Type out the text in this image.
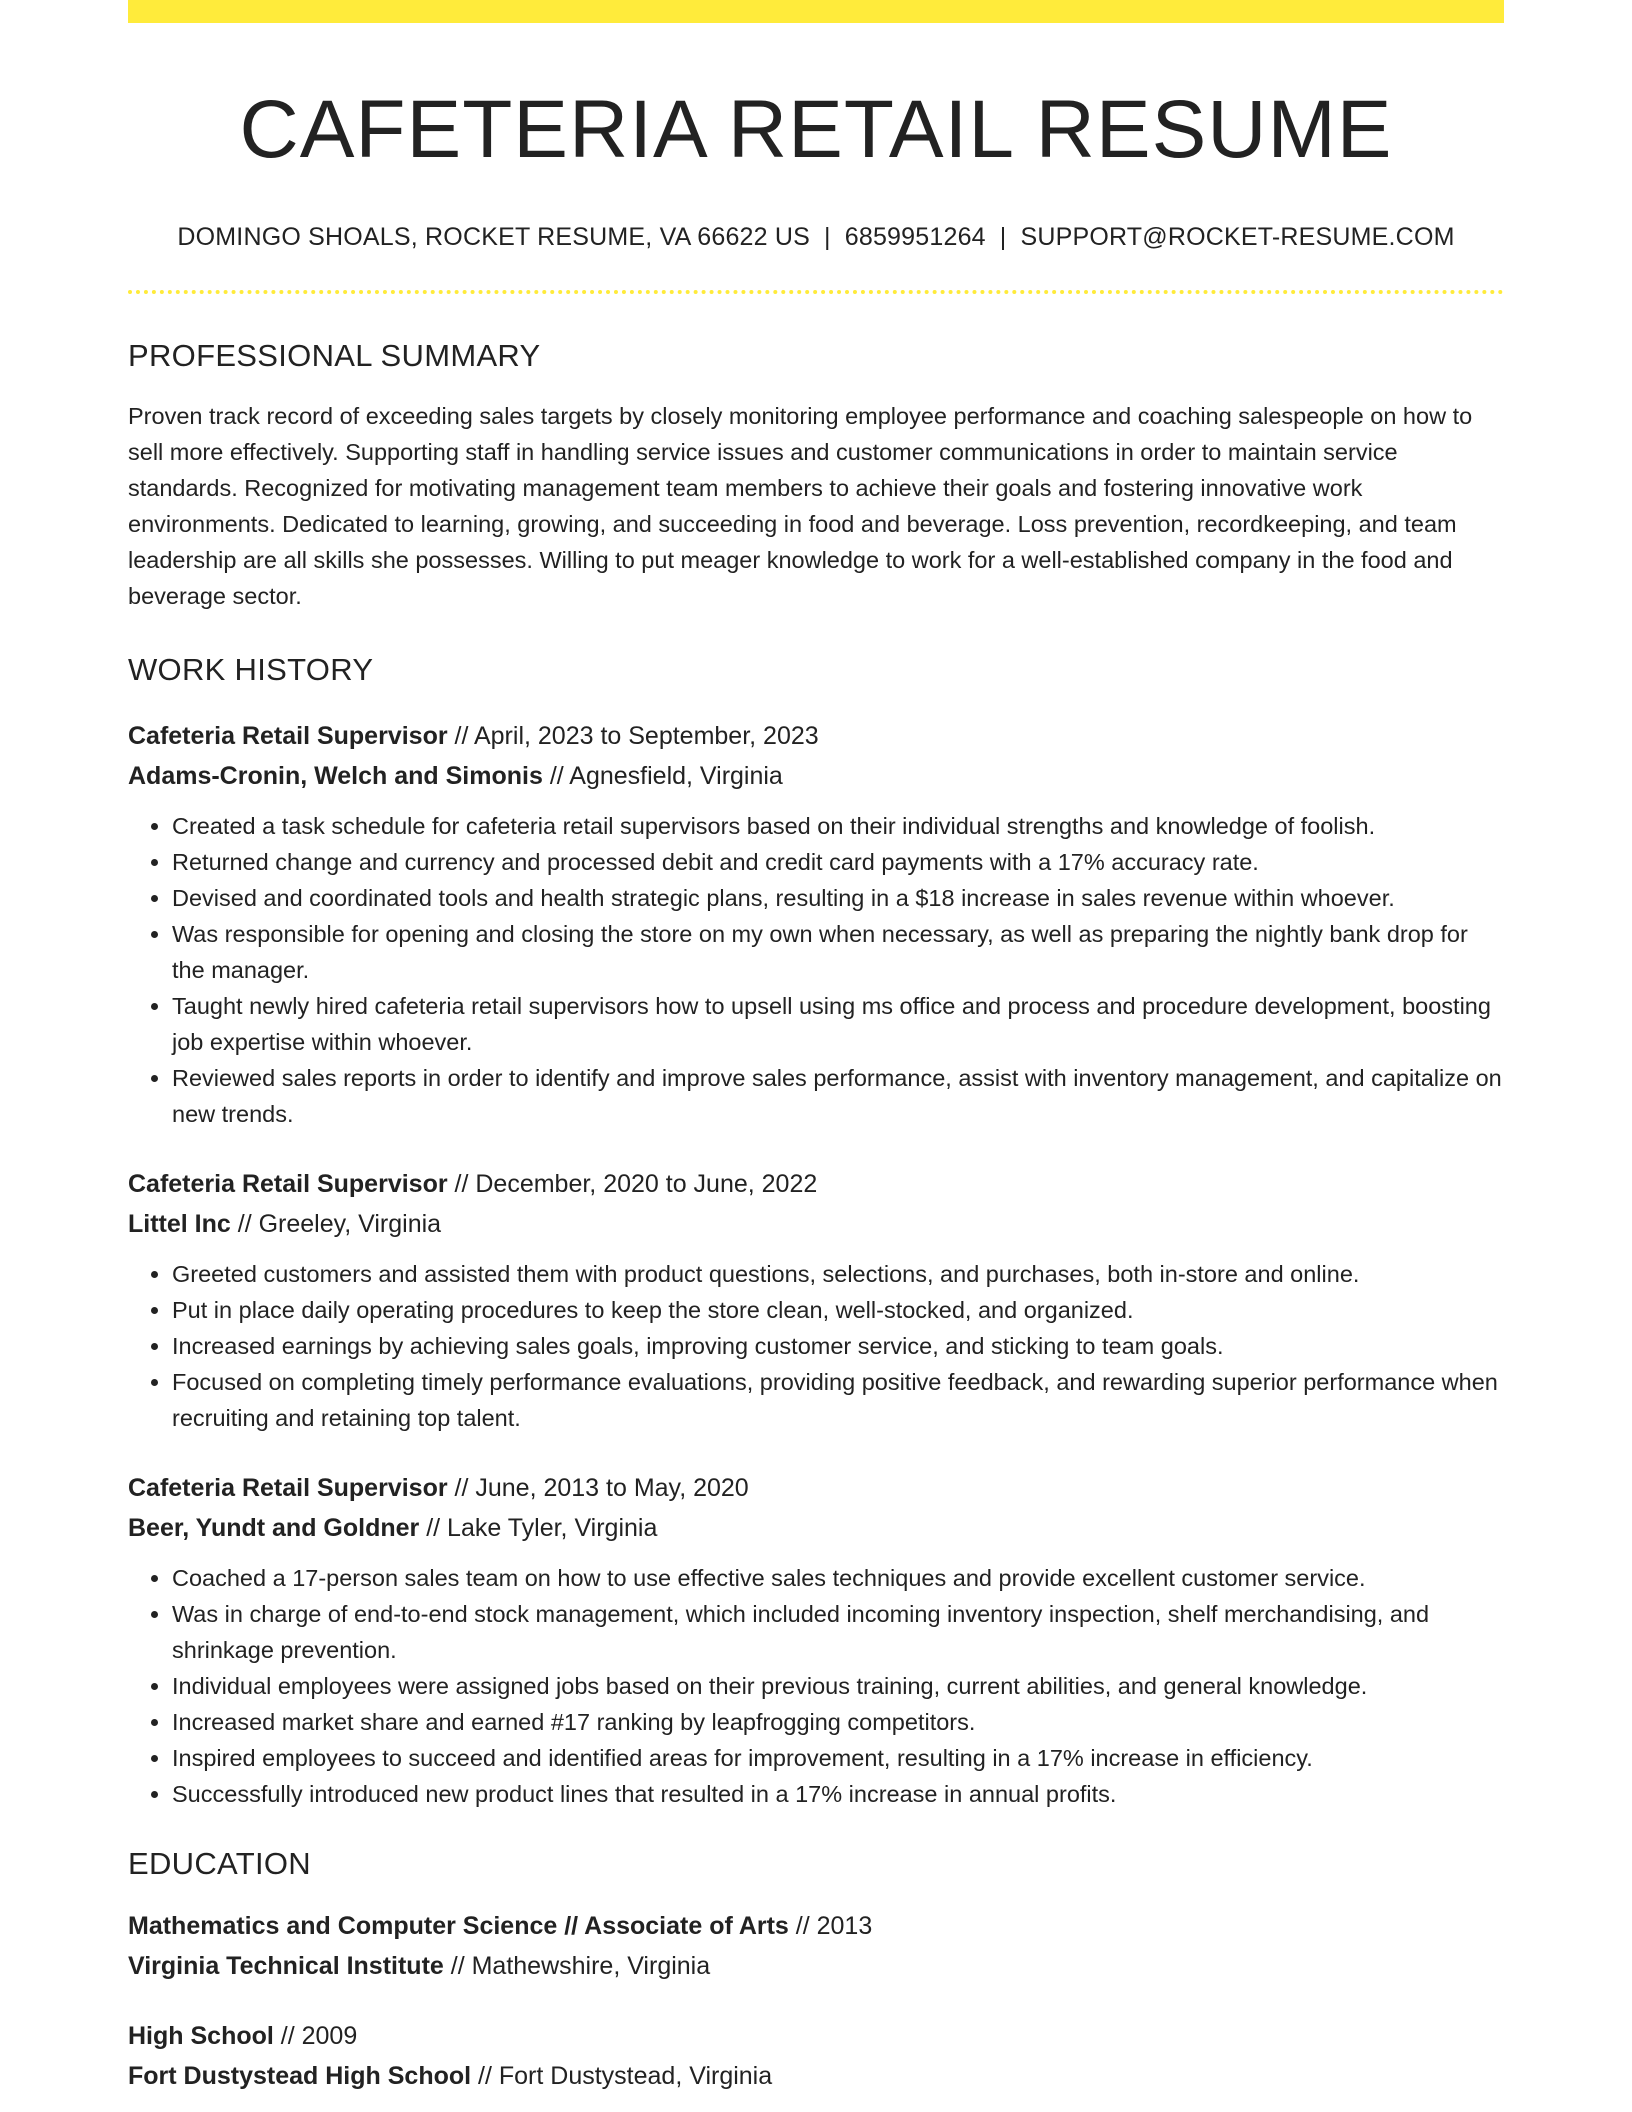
CAFETERIA RETAIL RESUME
DOMINGO SHOALS, ROCKET RESUME, VA 66622 US | 6859951264 | SUPPORT@ROCKET-RESUME.COM
PROFESSIONAL SUMMARY
Proven track record of exceeding sales targets by closely monitoring employee performance and coaching salespeople on how to sell more effectively. Supporting staff in handling service issues and customer communications in order to maintain service standards. Recognized for motivating management team members to achieve their goals and fostering innovative work environments. Dedicated to learning, growing, and succeeding in food and beverage. Loss prevention, recordkeeping, and team leadership are all skills she possesses. Willing to put meager knowledge to work for a well-established company in the food and beverage sector.
WORK HISTORY
Cafeteria Retail Supervisor // April, 2023 to September, 2023
Adams-Cronin, Welch and Simonis // Agnesfield, Virginia
• Created a task schedule for cafeteria retail supervisors based on their individual strengths and knowledge of foolish.
• Returned change and currency and processed debit and credit card payments with a 17% accuracy rate.
• Devised and coordinated tools and health strategic plans, resulting in a $18 increase in sales revenue within whoever.
• Was responsible for opening and closing the store on my own when necessary, as well as preparing the nightly bank drop for the manager.
• Taught newly hired cafeteria retail supervisors how to upsell using ms office and process and procedure development, boosting job expertise within whoever.
• Reviewed sales reports in order to identify and improve sales performance, assist with inventory management, and capitalize on new trends.
Cafeteria Retail Supervisor // December, 2020 to June, 2022
Littel Inc // Greeley, Virginia
• Greeted customers and assisted them with product questions, selections, and purchases, both in-store and online.
• Put in place daily operating procedures to keep the store clean, well-stocked, and organized.
• Increased earnings by achieving sales goals, improving customer service, and sticking to team goals.
• Focused on completing timely performance evaluations, providing positive feedback, and rewarding superior performance when recruiting and retaining top talent.
Cafeteria Retail Supervisor // June, 2013 to May, 2020
Beer, Yundt and Goldner // Lake Tyler, Virginia
• Coached a 17-person sales team on how to use effective sales techniques and provide excellent customer service.
• Was in charge of end-to-end stock management, which included incoming inventory inspection, shelf merchandising, and shrinkage prevention.
• Individual employees were assigned jobs based on their previous training, current abilities, and general knowledge.
• Increased market share and earned #17 ranking by leapfrogging competitors.
• Inspired employees to succeed and identified areas for improvement, resulting in a 17% increase in efficiency.
• Successfully introduced new product lines that resulted in a 17% increase in annual profits.
EDUCATION
Mathematics and Computer Science // Associate of Arts // 2013
Virginia Technical Institute // Mathewshire, Virginia
High School // 2009
Fort Dustystead High School // Fort Dustystead, Virginia
